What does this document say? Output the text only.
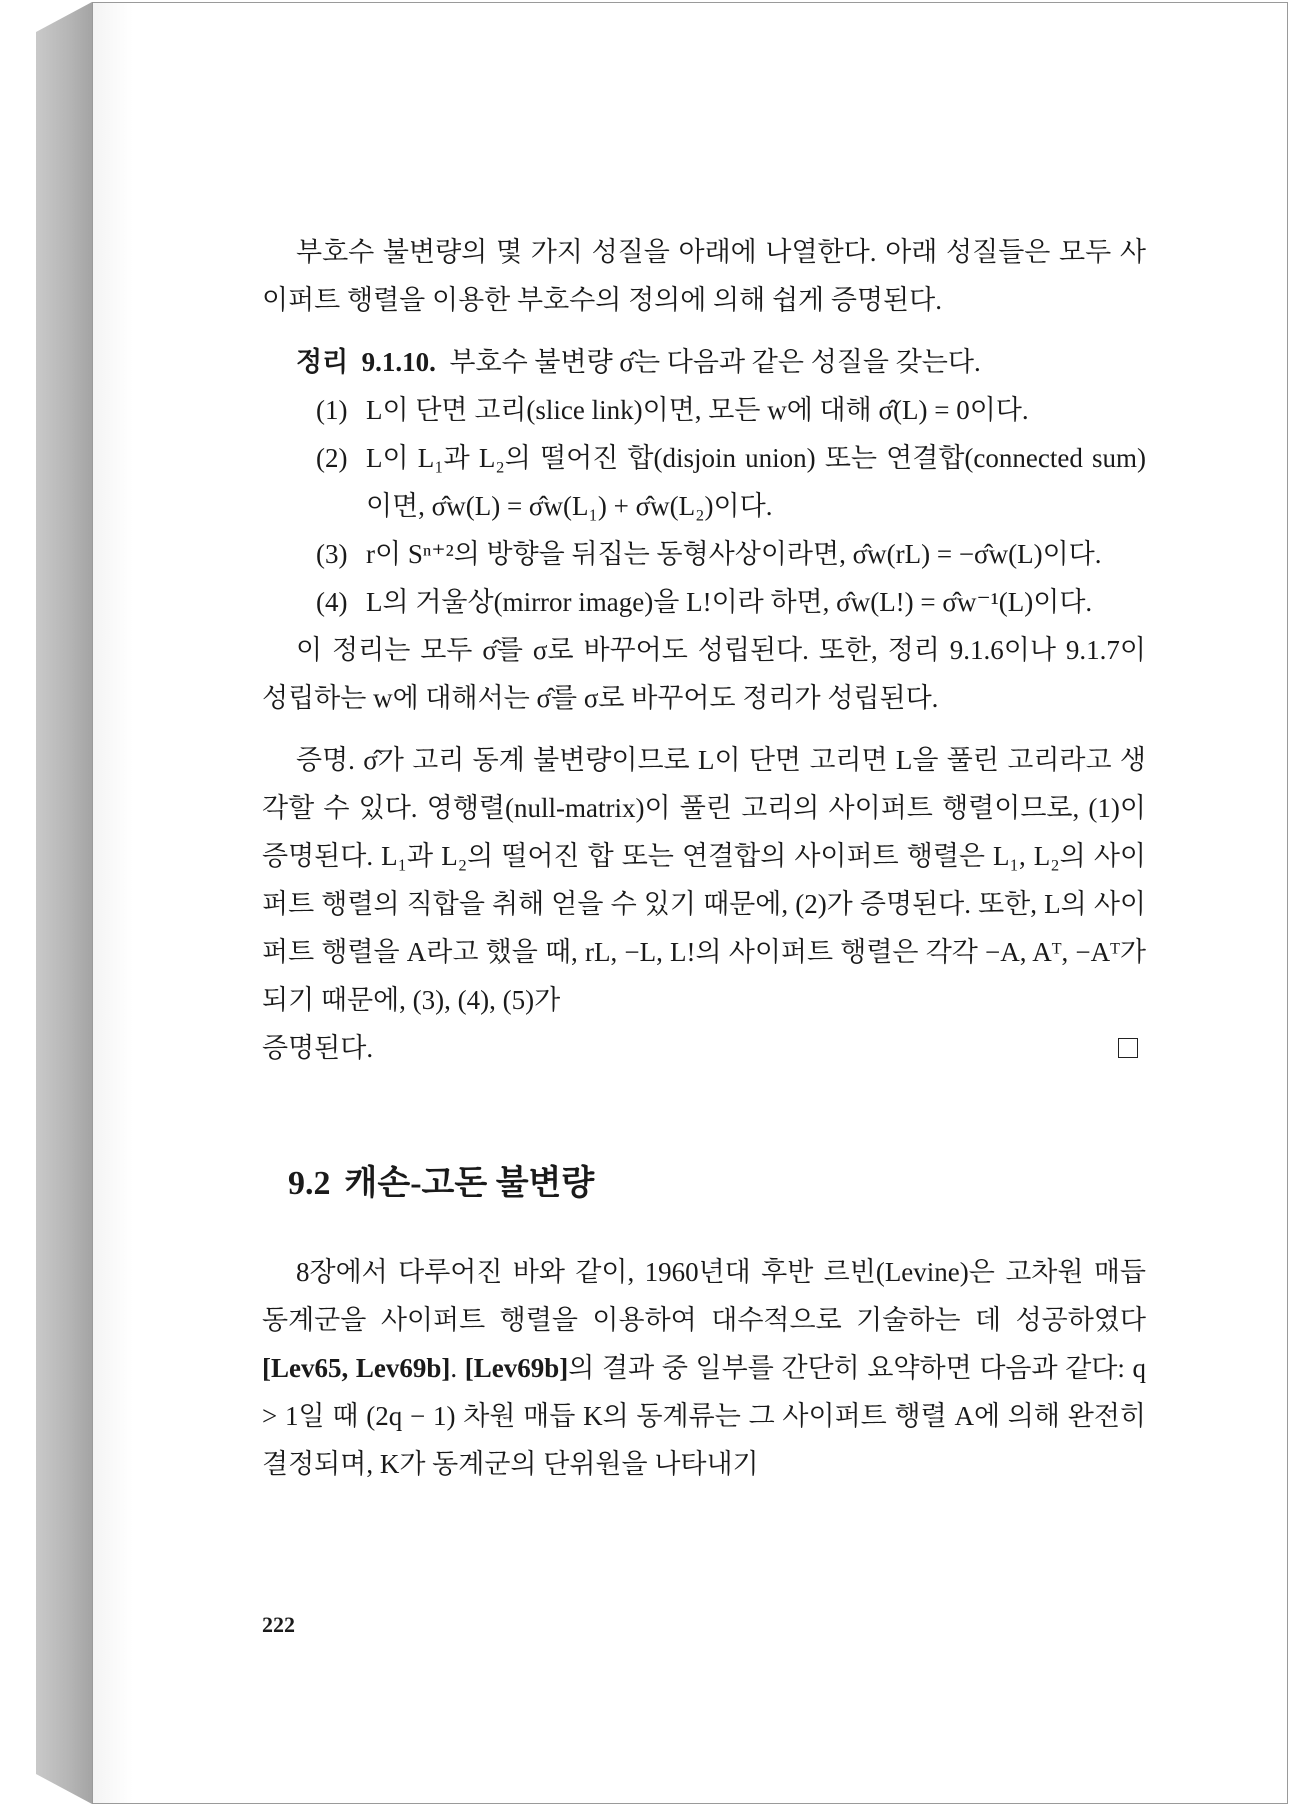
부호수 불변량의 몇 가지 성질을 아래에 나열한다. 아래 성질들은 모두 사이퍼트 행렬을 이용한 부호수의 정의에 의해 쉽게 증명된다.

정리 9.1.10. 부호수 불변량 σ̂는 다음과 같은 성질을 갖는다.

(1) L이 단면 고리(slice link)이면, 모든 w에 대해 σ̂(L) = 0이다.
(2) L이 L₁과 L₂의 떨어진 합(disjoin union) 또는 연결합(connected sum)이면, σ̂w(L) = σ̂w(L₁) + σ̂w(L₂)이다.
(3) r이 Sⁿ⁺²의 방향을 뒤집는 동형사상이라면, σ̂w(rL) = −σ̂w(L)이다.
(4) L의 거울상(mirror image)을 L!이라 하면, σ̂w(L!) = σ̂w⁻¹(L)이다.

이 정리는 모두 σ̂를 σ로 바꾸어도 성립된다. 또한, 정리 9.1.6이나 9.1.7이 성립하는 w에 대해서는 σ̂를 σ로 바꾸어도 정리가 성립된다.

증명. σ̂가 고리 동계 불변량이므로 L이 단면 고리면 L을 풀린 고리라고 생각할 수 있다. 영행렬(null-matrix)이 풀린 고리의 사이퍼트 행렬이므로, (1)이 증명된다. L₁과 L₂의 떨어진 합 또는 연결합의 사이퍼트 행렬은 L₁, L₂의 사이퍼트 행렬의 직합을 취해 얻을 수 있기 때문에, (2)가 증명된다. 또한, L의 사이퍼트 행렬을 A라고 했을 때, rL, −L, L!의 사이퍼트 행렬은 각각 −A, Aᵀ, −Aᵀ가 되기 때문에, (3), (4), (5)가

증명된다.
9.2 캐손-고돈 불변량

8장에서 다루어진 바와 같이, 1960년대 후반 르빈(Levine)은 고차원 매듭 동계군을 사이퍼트 행렬을 이용하여 대수적으로 기술하는 데 성공하였다[Lev65, Lev69b]. [Lev69b]의 결과 중 일부를 간단히 요약하면 다음과 같다: q > 1일 때 (2q − 1) 차원 매듭 K의 동계류는 그 사이퍼트 행렬 A에 의해 완전히 결정되며, K가 동계군의 단위원을 나타내기

222
